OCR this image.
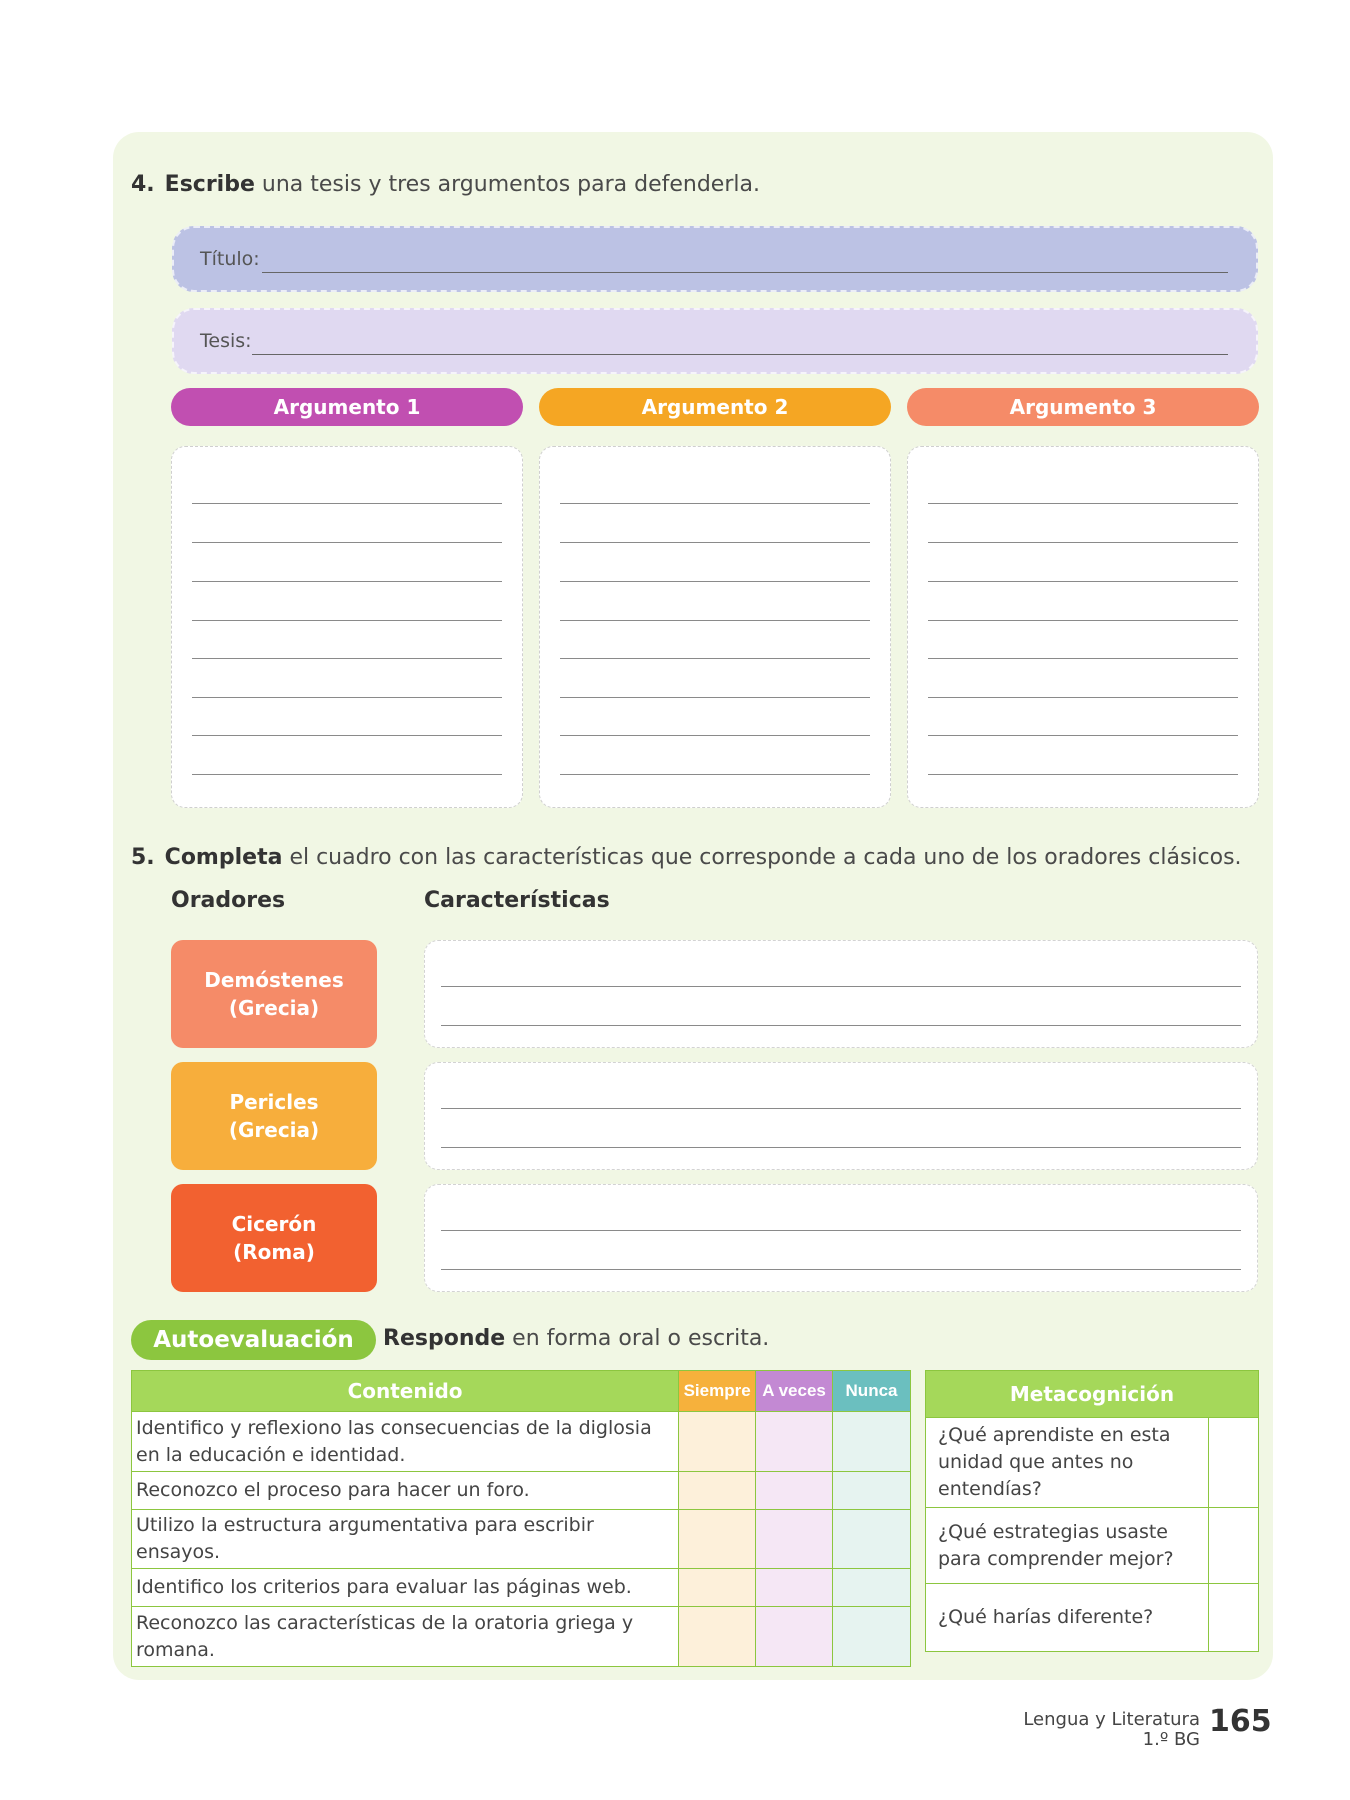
4. Escribe una tesis y tres argumentos para defenderla.
Título:
Tesis:
Argumento 1	Argumento 2	Argumento 3
5. Completa el cuadro con las características que corresponde a cada uno de los oradores clásicos.
Oradores	Características
Demóstenes
(Grecia)
Pericles
(Grecia)
Cicerón
(Roma)
Autoevaluación	Responde en forma oral o escrita.
Contenido	Siempre	A veces	Nunca
Identifico y reflexiono las consecuencias de la diglosia en la educación e identidad.			
Reconozco el proceso para hacer un foro.			
Utilizo la estructura argumentativa para escribir ensayos.			
Identifico los criterios para evaluar las páginas web.			
Reconozco las características de la oratoria griega y romana.			
Metacognición	
¿Qué aprendiste en esta unidad que antes no entendías?	
¿Qué estrategias usaste para comprender mejor?	
¿Qué harías diferente?	
Lengua y Literatura
1.º BG
165
